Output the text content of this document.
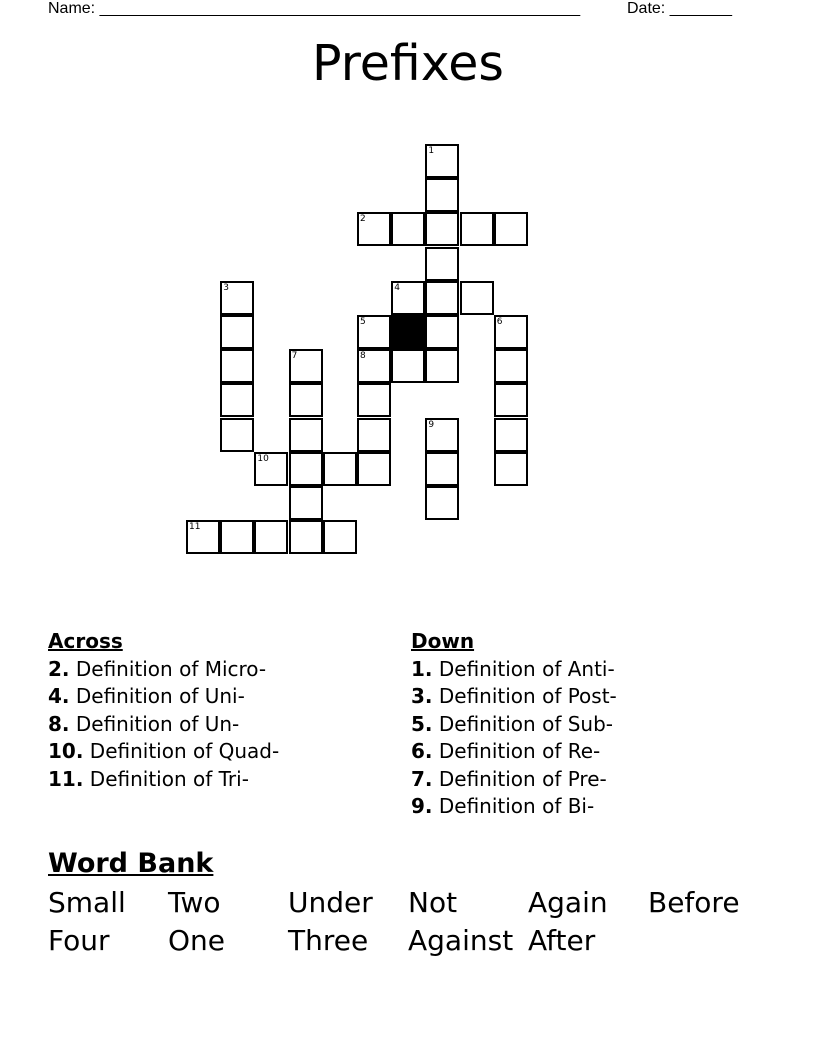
Name: ______________________________________________________	Date: _______
Prefixes
1
2
3	4
5	6
7	8
9
10
11
Across
2. Definition of Micro-
4. Definition of Uni-
8. Definition of Un-
10. Definition of Quad-
11. Definition of Tri-
Down
1. Definition of Anti-
3. Definition of Post-
5. Definition of Sub-
6. Definition of Re-
7. Definition of Pre-
9. Definition of Bi-
Word Bank
Small	Two	Under	Not	Again	Before
Four	One	Three	Against After
